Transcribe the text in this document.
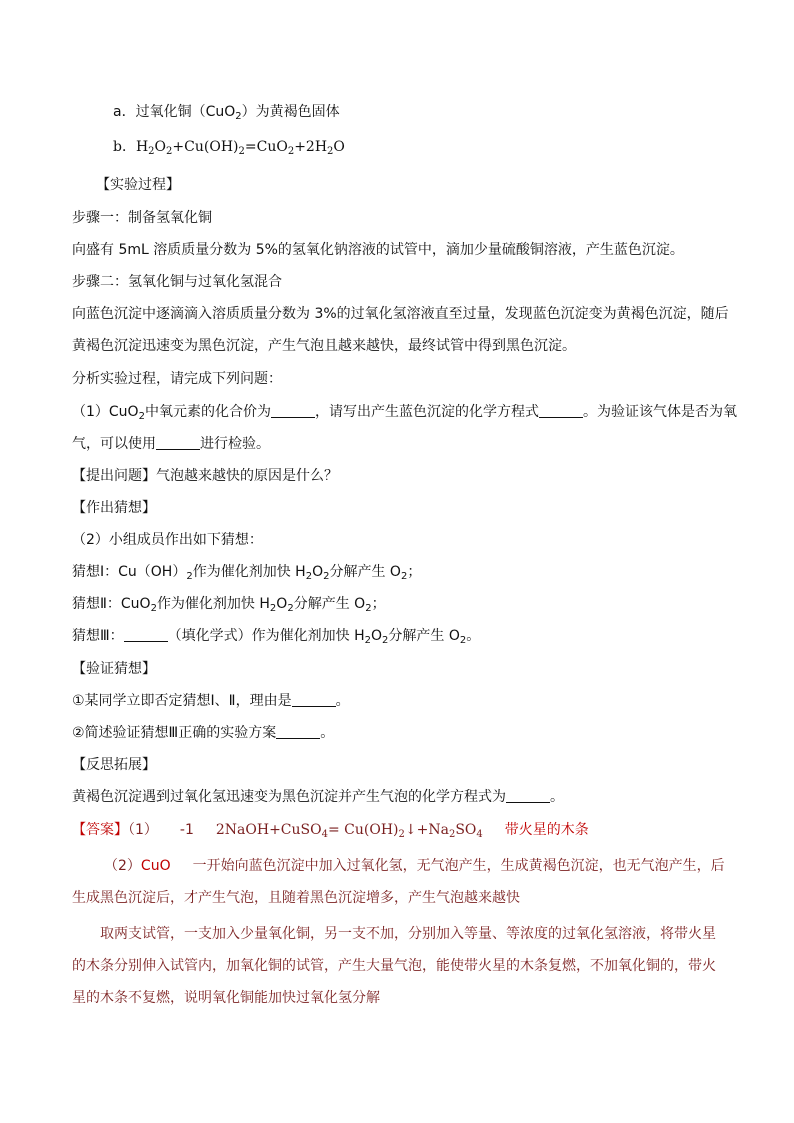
a．过氧化铜（CuO$_2$）为黄褐色固体
b．$H_2O_2+Cu(OH)_2=CuO_2+2H_2O$
【实验过程】
步骤一：制备氢氧化铜
向盛有 5mL 溶质质量分数为 5%的氢氧化钠溶液的试管中，滴加少量硫酸铜溶液，产生蓝色沉淀。
步骤二：氢氧化铜与过氧化氢混合
向蓝色沉淀中逐滴滴入溶质质量分数为 3%的过氧化氢溶液直至过量，发现蓝色沉淀变为黄褐色沉淀，随后
黄褐色沉淀迅速变为黑色沉淀，产生气泡且越来越快，最终试管中得到黑色沉淀。
分析实验过程，请完成下列问题：
（1）CuO$_2$中氧元素的化合价为	，请写出产生蓝色沉淀的化学方程式	。为验证该气体是否为氧
气，可以使用	进行检验。
【提出问题】气泡越来越快的原因是什么？
【作出猜想】
（2）小组成员作出如下猜想：
猜想Ⅰ：$Cu(OH)_2$作为催化剂加快 $H_2O_2$分解产生 $O_2$；
猜想Ⅱ：CuO$_2$作为催化剂加快 $H_2O_2$分解产生 $O_2$；
猜想Ⅲ：	（填化学式）作为催化剂加快 $H_2O_2$分解产生 $O_2$。
【验证猜想】
①某同学立即否定猜想Ⅰ、Ⅱ，理由是	。
②简述验证猜想Ⅲ正确的实验方案	。
【反思拓展】
黄褐色沉淀遇到过氧化氢迅速变为黑色沉淀并产生气泡的化学方程式为	。
【答案】（1） -1 2NaOH+CuSO$_4$= $Cu(OH)_2↓+Na_2SO_4$ 带火星的木条
（2）CuO 一开始向蓝色沉淀中加入过氧化氢，无气泡产生，生成黄褐色沉淀，也无气泡产生，后
生成黑色沉淀后，才产生气泡，且随着黑色沉淀增多，产生气泡越来越快
取两支试管，一支加入少量氧化铜，另一支不加，分别加入等量、等浓度的过氧化氢溶液，将带火星
的木条分别伸入试管内，加氧化铜的试管，产生大量气泡，能使带火星的木条复燃，不加氧化铜的，带火
星的木条不复燃，说明氧化铜能加快过氧化氢分解
